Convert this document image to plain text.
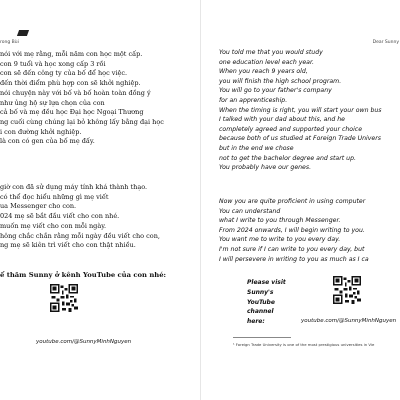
rong Bùi
nói với mẹ rằng, mỗi năm con học một cấp.
con 9 tuổi và học xong cấp 3 rồi
con sẽ đến công ty của bố để học việc.
đến thời điểm phù hợp con sẽ khởi nghiệp.
nói chuyện này với bố và bố hoàn toàn đồng ý
như ủng hộ sự lựa chọn của con
cả bố và mẹ đều học Đại học Ngoại Thương
ng cuối cùng chúng lại bỏ không lấy bằng đại học
i con đường khởi nghiệp.
là con có gen của bố mẹ đấy.
giờ con đã sử dụng máy tính khá thành thạo.
có thể đọc hiểu những gì mẹ viết
ua Messenger cho con.
024 mẹ sẽ bắt đầu viết cho con nhé.
muốn mẹ viết cho con mỗi ngày.
hông chắc chắn rằng mỗi ngày đều viết cho con,
ng mẹ sẽ kiên trì viết cho con thật nhiều.
ể thăm Sunny ở kênh YouTube của con nhé:
youtube.com/@SunnyMinhNguyen
Dear Sunny
You told me that you would study
one education level each year.
When you reach 9 years old,
you will finish the high school program.
You will go to your father's company
for an apprenticeship.
When the timing is right, you will start your own bus
I talked with your dad about this, and he
completely agreed and supported your choice
because both of us studied at Foreign Trade Univers
but in the end we chose
not to get the bachelor degree and start up.
You probably have our genes.
Now you are quite proficient in using computer
You can understand
what I write to you through Messenger.
From 2024 onwards, I will begin writing to you.
You want me to write to you every day.
I'm not sure if I can write to you every day, but
I will persevere in writing to you as much as I ca
Please visit
Sunny's
YouTube
channel
here:	youtube.com/@SunnyMinhNguyen
¹ Foreign Trade University is one of the most prestigious universities in Vie
